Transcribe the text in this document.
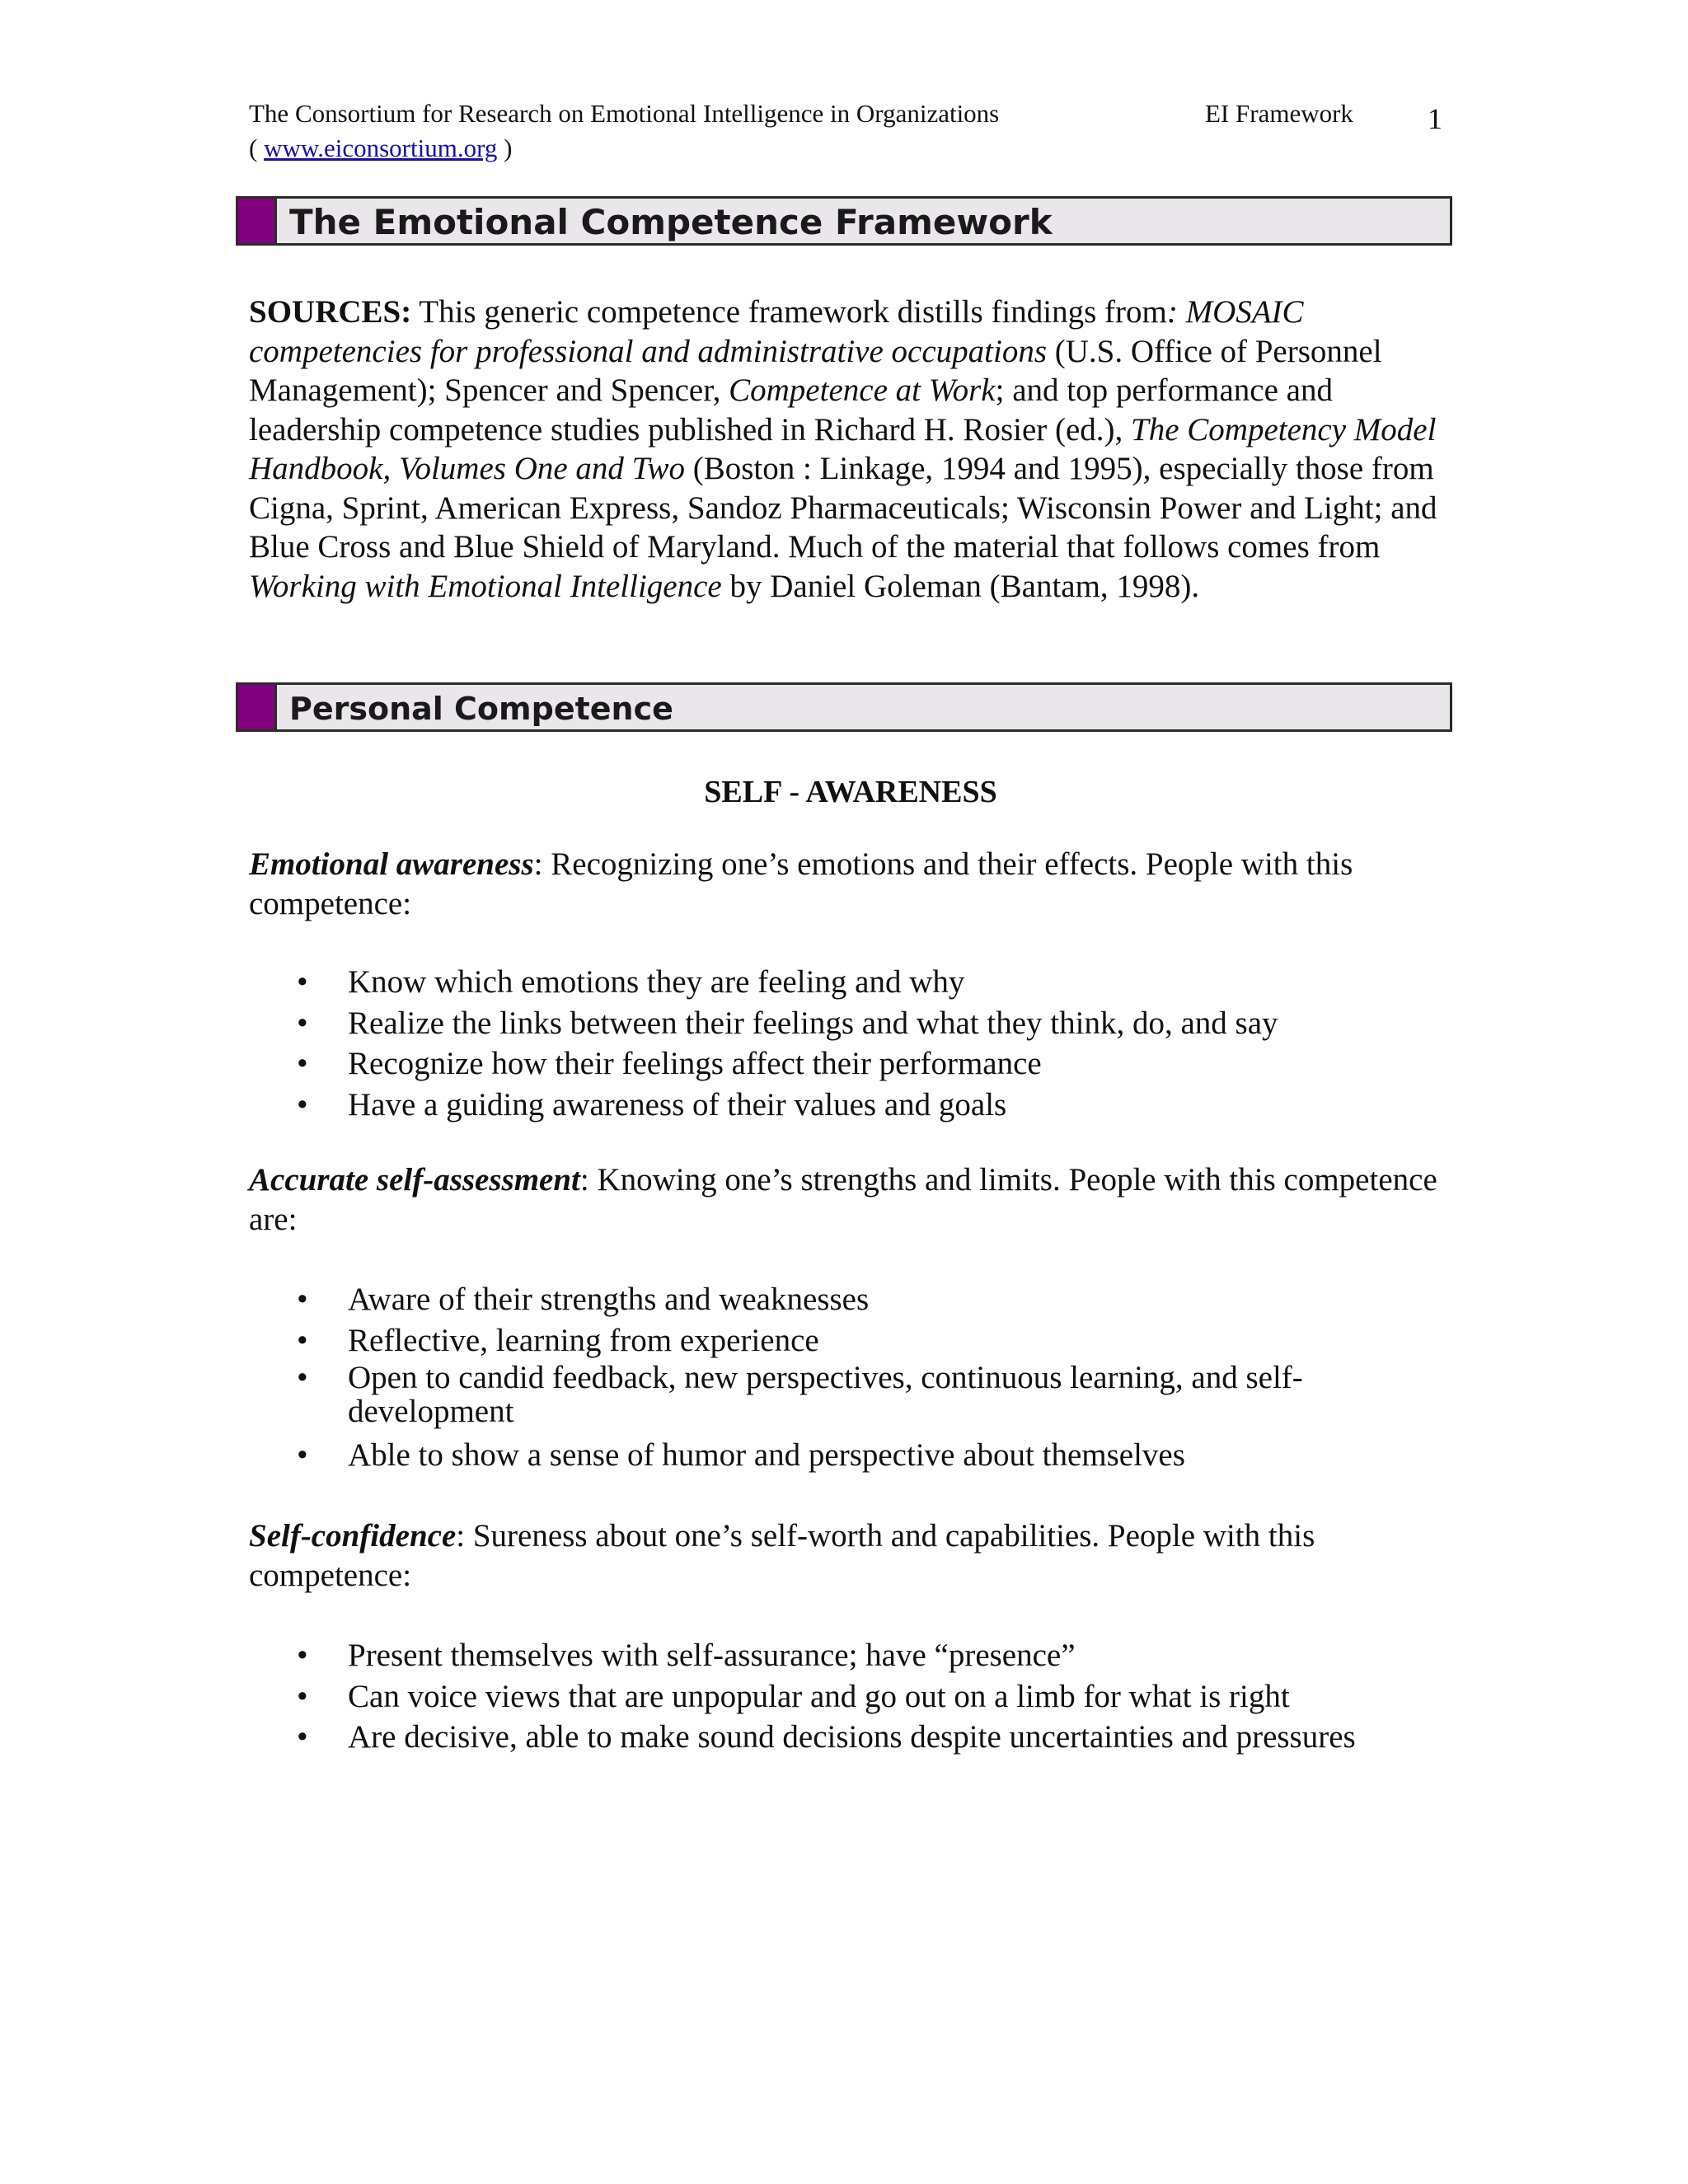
The Consortium for Research on Emotional Intelligence in Organizations	EI Framework	1
( www.eiconsortium.org )
The Emotional Competence Framework
SOURCES: This generic competence framework distills findings from: MOSAIC competencies for professional and administrative occupations (U.S. Office of Personnel Management); Spencer and Spencer, Competence at Work; and top performance and leadership competence studies published in Richard H. Rosier (ed.), The Competency Model Handbook, Volumes One and Two (Boston : Linkage, 1994 and 1995), especially those from Cigna, Sprint, American Express, Sandoz Pharmaceuticals; Wisconsin Power and Light; and Blue Cross and Blue Shield of Maryland. Much of the material that follows comes from Working with Emotional Intelligence by Daniel Goleman (Bantam, 1998).
Personal Competence
SELF - AWARENESS
Emotional awareness: Recognizing one’s emotions and their effects. People with this competence:
• Know which emotions they are feeling and why
• Realize the links between their feelings and what they think, do, and say
• Recognize how their feelings affect their performance
• Have a guiding awareness of their values and goals
Accurate self-assessment: Knowing one’s strengths and limits. People with this competence are:
• Aware of their strengths and weaknesses
• Reflective, learning from experience
• Open to candid feedback, new perspectives, continuous learning, and self-development
• Able to show a sense of humor and perspective about themselves
Self-confidence: Sureness about one’s self-worth and capabilities. People with this competence:
• Present themselves with self-assurance; have “presence”
• Can voice views that are unpopular and go out on a limb for what is right
• Are decisive, able to make sound decisions despite uncertainties and pressures
